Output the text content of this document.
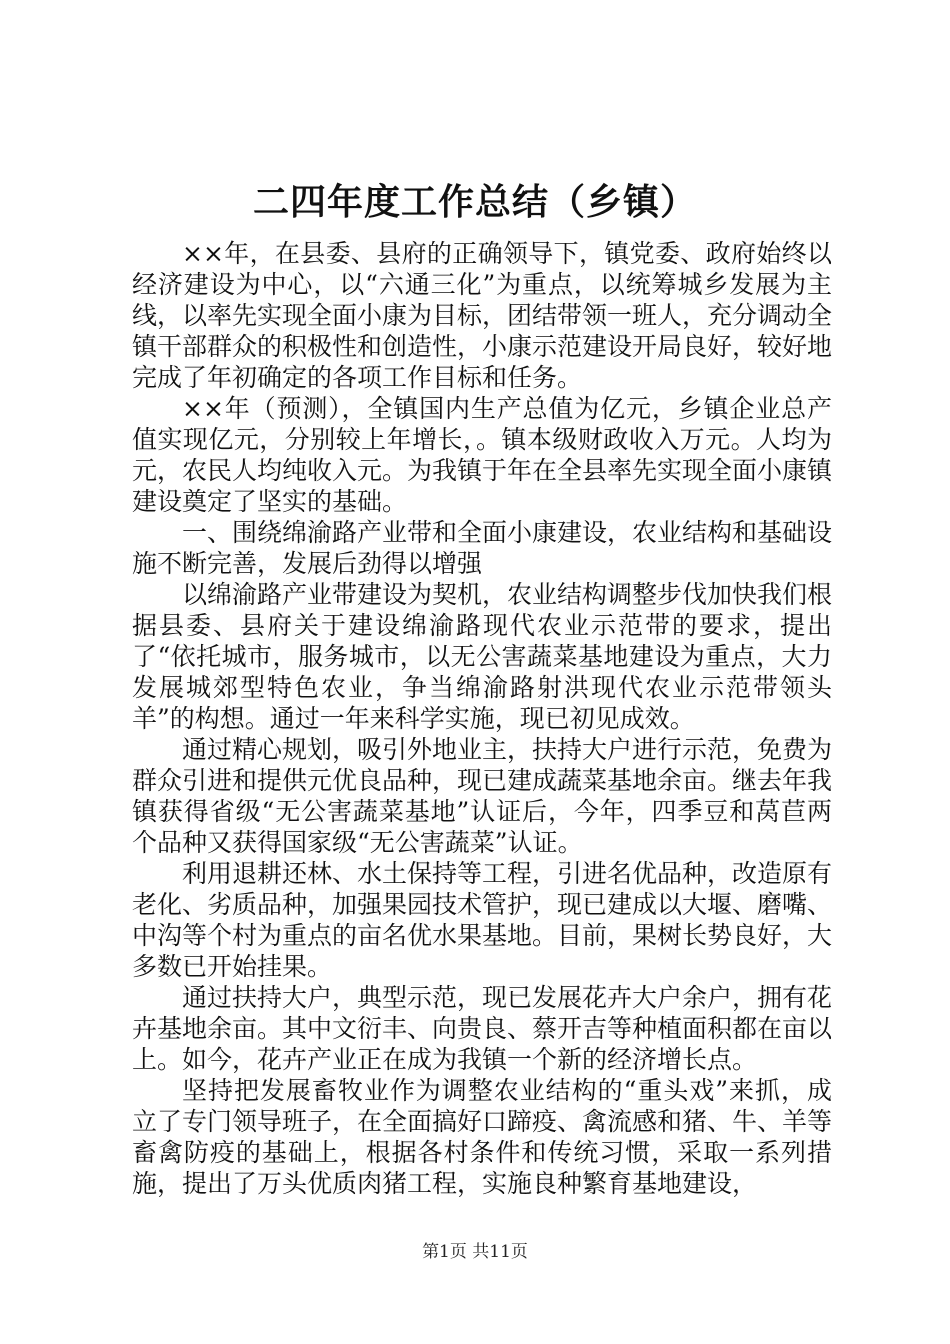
二四年度工作总结（乡镇）

××年，在县委、县府的正确领导下，镇党委、政府始终以经济建设为中心，以“六通三化”为重点，以统筹城乡发展为主线，以率先实现全面小康为目标，团结带领一班人，充分调动全镇干部群众的积极性和创造性，小康示范建设开局良好，较好地完成了年初确定的各项工作目标和任务。

××年（预测），全镇国内生产总值为亿元，乡镇企业总产值实现亿元，分别较上年增长，。镇本级财政收入万元。人均为元，农民人均纯收入元。为我镇于年在全县率先实现全面小康镇建设奠定了坚实的基础。

一、围绕绵渝路产业带和全面小康建设，农业结构和基础设施不断完善，发展后劲得以增强

以绵渝路产业带建设为契机，农业结构调整步伐加快我们根据县委、县府关于建设绵渝路现代农业示范带的要求，提出了“依托城市，服务城市，以无公害蔬菜基地建设为重点，大力发展城郊型特色农业，争当绵渝路射洪现代农业示范带领头羊”的构想。通过一年来科学实施，现已初见成效。

通过精心规划，吸引外地业主，扶持大户进行示范，免费为群众引进和提供元优良品种，现已建成蔬菜基地余亩。继去年我镇获得省级“无公害蔬菜基地”认证后，今年，四季豆和莴苣两个品种又获得国家级“无公害蔬菜”认证。

利用退耕还林、水土保持等工程，引进名优品种，改造原有老化、劣质品种，加强果园技术管护，现已建成以大堰、磨嘴、中沟等个村为重点的亩名优水果基地。目前，果树长势良好，大多数已开始挂果。

通过扶持大户，典型示范，现已发展花卉大户余户，拥有花卉基地余亩。其中文衍丰、向贵良、蔡开吉等种植面积都在亩以上。如今，花卉产业正在成为我镇一个新的经济增长点。

坚持把发展畜牧业作为调整农业结构的“重头戏”来抓，成立了专门领导班子，在全面搞好口蹄疫、禽流感和猪、牛、羊等畜禽防疫的基础上，根据各村条件和传统习惯，采取一系列措施，提出了万头优质肉猪工程，实施良种繁育基地建设，

第1页 共11页
